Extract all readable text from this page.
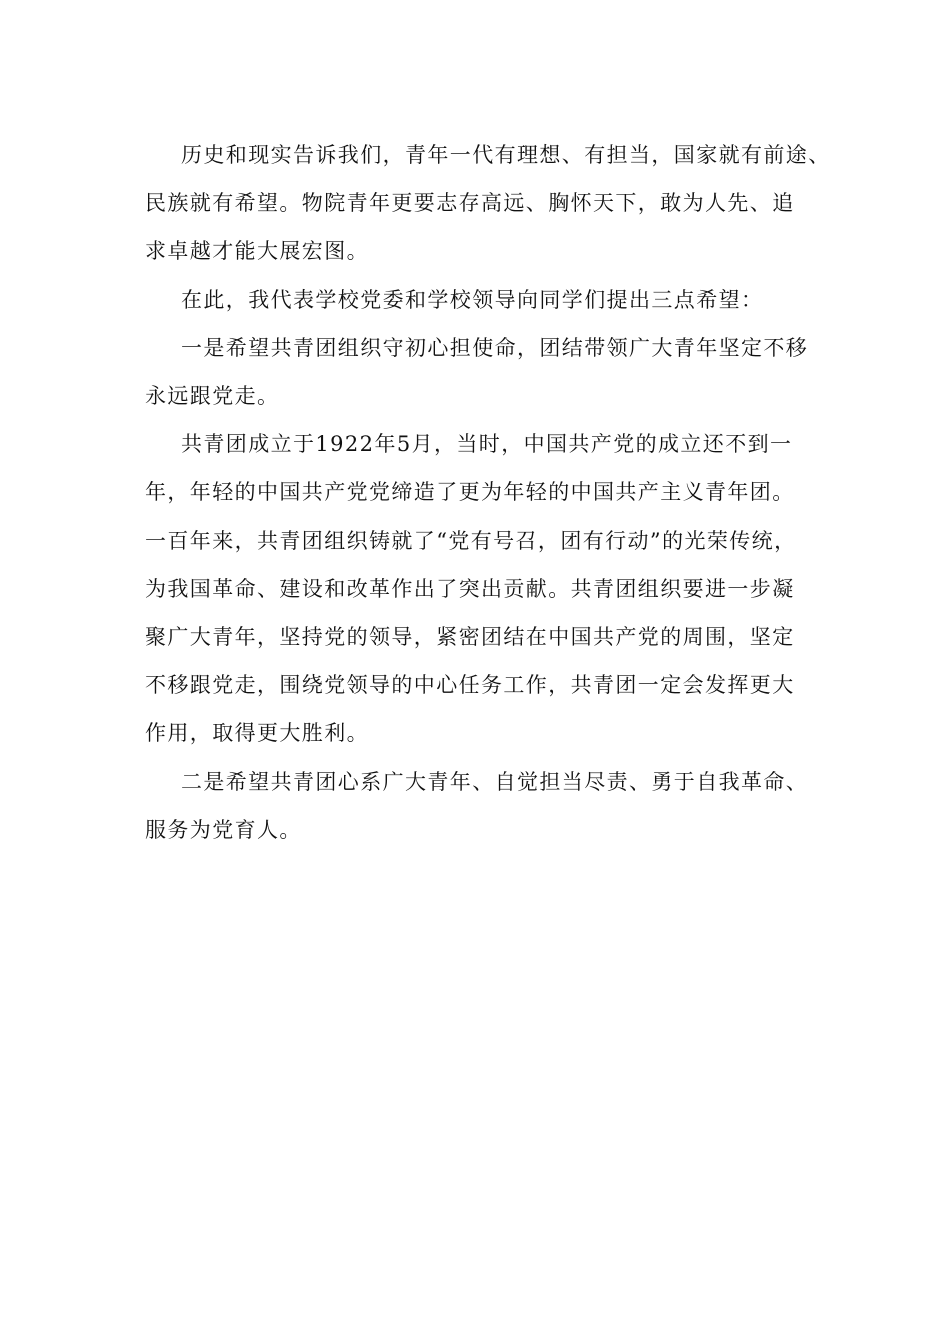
历史和现实告诉我们，青年一代有理想、有担当，国家就有前途、
民族就有希望。物院青年更要志存高远、胸怀天下，敢为人先、追
求卓越才能大展宏图。

在此，我代表学校党委和学校领导向同学们提出三点希望：

一是希望共青团组织守初心担使命，团结带领广大青年坚定不移
永远跟党走。

共青团成立于1922年5月，当时，中国共产党的成立还不到一
年，年轻的中国共产党党缔造了更为年轻的中国共产主义青年团。
一百年来，共青团组织铸就了“党有号召，团有行动”的光荣传统，
为我国革命、建设和改革作出了突出贡献。共青团组织要进一步凝
聚广大青年，坚持党的领导，紧密团结在中国共产党的周围，坚定
不移跟党走，围绕党领导的中心任务工作，共青团一定会发挥更大
作用，取得更大胜利。

二是希望共青团心系广大青年、自觉担当尽责、勇于自我革命、
服务为党育人。
